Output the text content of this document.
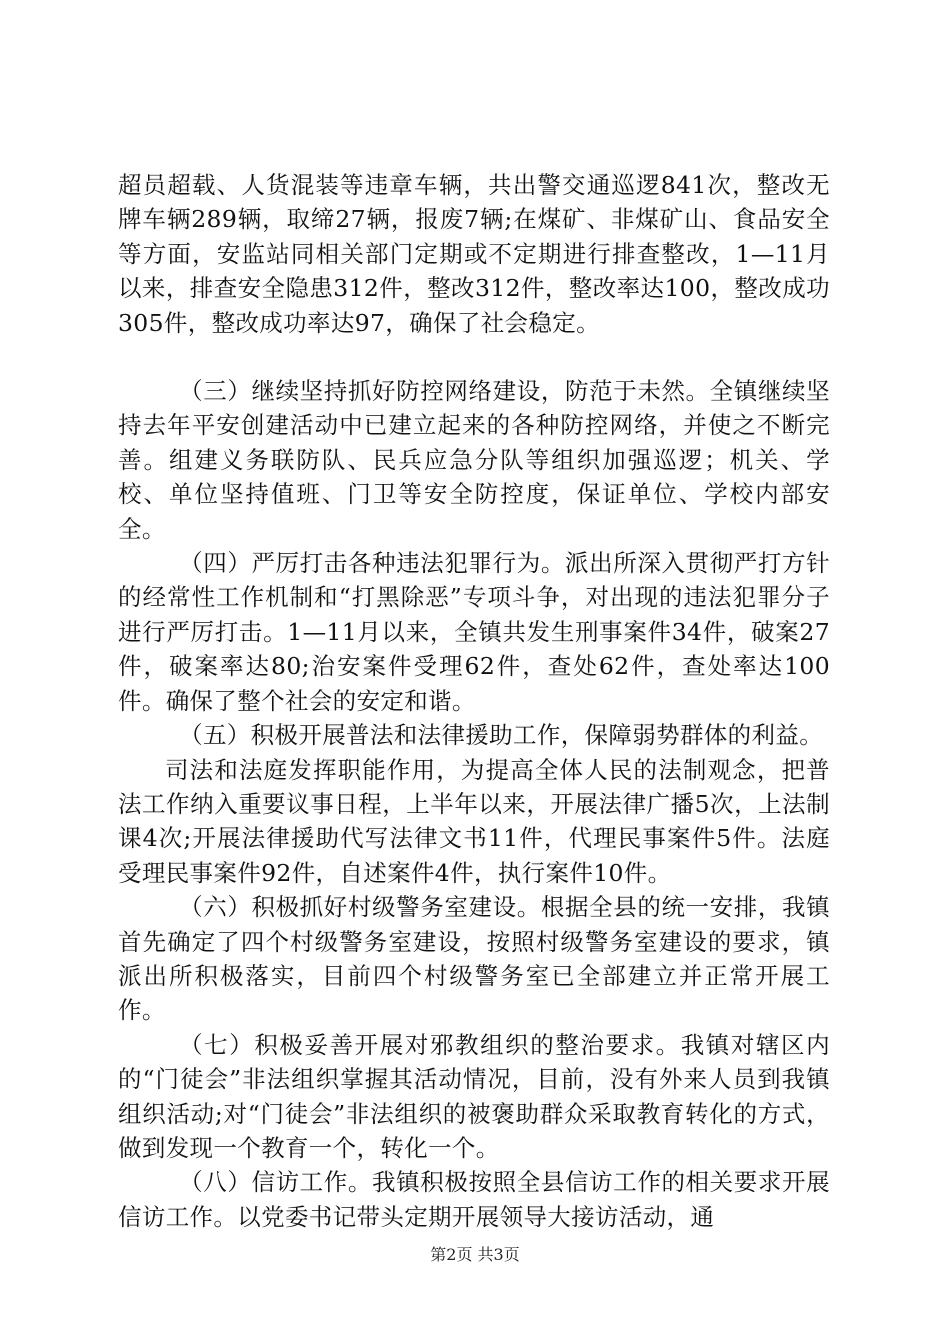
超员超载、人货混装等违章车辆，共出警交通巡逻841次，整改无牌车辆289辆，取缔27辆，报废7辆;在煤矿、非煤矿山、食品安全等方面，安监站同相关部门定期或不定期进行排查整改，1—11月以来，排查安全隐患312件，整改312件，整改率达100，整改成功305件，整改成功率达97，确保了社会稳定。

（三）继续坚持抓好防控网络建设，防范于未然。全镇继续坚持去年平安创建活动中已建立起来的各种防控网络，并使之不断完善。组建义务联防队、民兵应急分队等组织加强巡逻；机关、学校、单位坚持值班、门卫等安全防控度，保证单位、学校内部安全。

（四）严厉打击各种违法犯罪行为。派出所深入贯彻严打方针的经常性工作机制和“打黑除恶”专项斗争，对出现的违法犯罪分子进行严厉打击。1—11月以来，全镇共发生刑事案件34件，破案27件，破案率达80;治安案件受理62件，查处62件，查处率达100件。确保了整个社会的安定和谐。

（五）积极开展普法和法律援助工作，保障弱势群体的利益。

司法和法庭发挥职能作用，为提高全体人民的法制观念，把普法工作纳入重要议事日程，上半年以来，开展法律广播5次，上法制课4次;开展法律援助代写法律文书11件，代理民事案件5件。法庭受理民事案件92件，自述案件4件，执行案件10件。

（六）积极抓好村级警务室建设。根据全县的统一安排，我镇首先确定了四个村级警务室建设，按照村级警务室建设的要求，镇派出所积极落实，目前四个村级警务室已全部建立并正常开展工作。

（七）积极妥善开展对邪教组织的整治要求。我镇对辖区内的“门徒会”非法组织掌握其活动情况，目前，没有外来人员到我镇组织活动;对“门徒会”非法组织的被褒助群众采取教育转化的方式，做到发现一个教育一个，转化一个。

（八）信访工作。我镇积极按照全县信访工作的相关要求开展信访工作。以党委书记带头定期开展领导大接访活动，通

第2页 共3页
